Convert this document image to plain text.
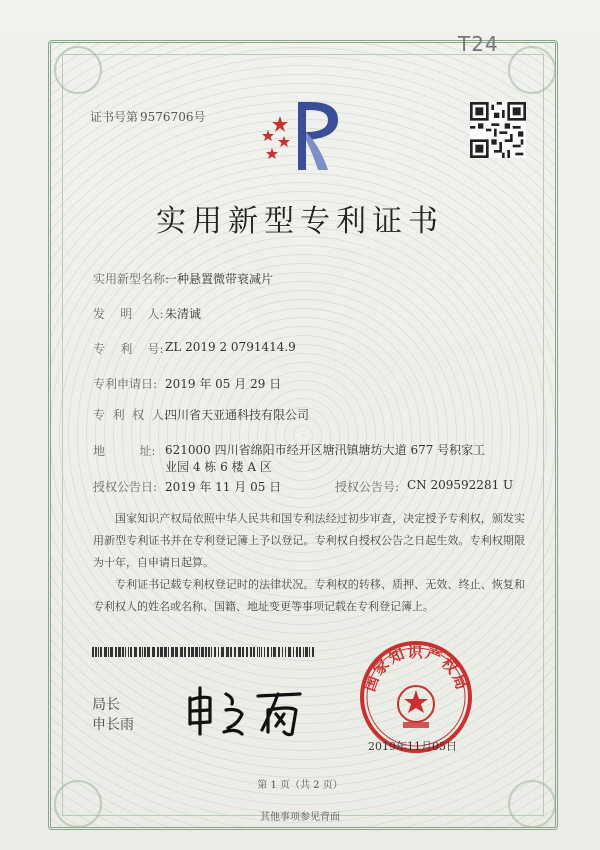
T24
证书号第 9576706号
实用新型专利证书
实用新型名称:
一种悬置微带衰减片
发    明    人: 朱清诚
专    利    号: ZL 2019 2 0791414.9
专利申请日: 2019 年 05 月 29 日
专  利  权  人:
四川省天亚通科技有限公司
地         址: 621000 四川省绵阳市经开区塘汛镇塘坊大道 677 号积家工
业园 4 栋 6 楼 A 区
授权公告日: 2019 年 11 月 05 日	授权公告号: CN 209592281 U
国家知识产权局依照中华人民共和国专利法经过初步审查，决定授予专利权，颁发实用新型专利证书并在专利登记簿上予以登记。专利权自授权公告之日起生效。专利权期限为十年，自申请日起算。
专利证书记载专利权登记时的法律状况。专利权的转移、质押、无效、终止、恢复和专利权人的姓名或名称、国籍、地址变更等事项记载在专利登记簿上。
局长
申长雨
国家知识产权局
2019年11月05日
第 1 页（共 2 页）
其他事项参见背面
